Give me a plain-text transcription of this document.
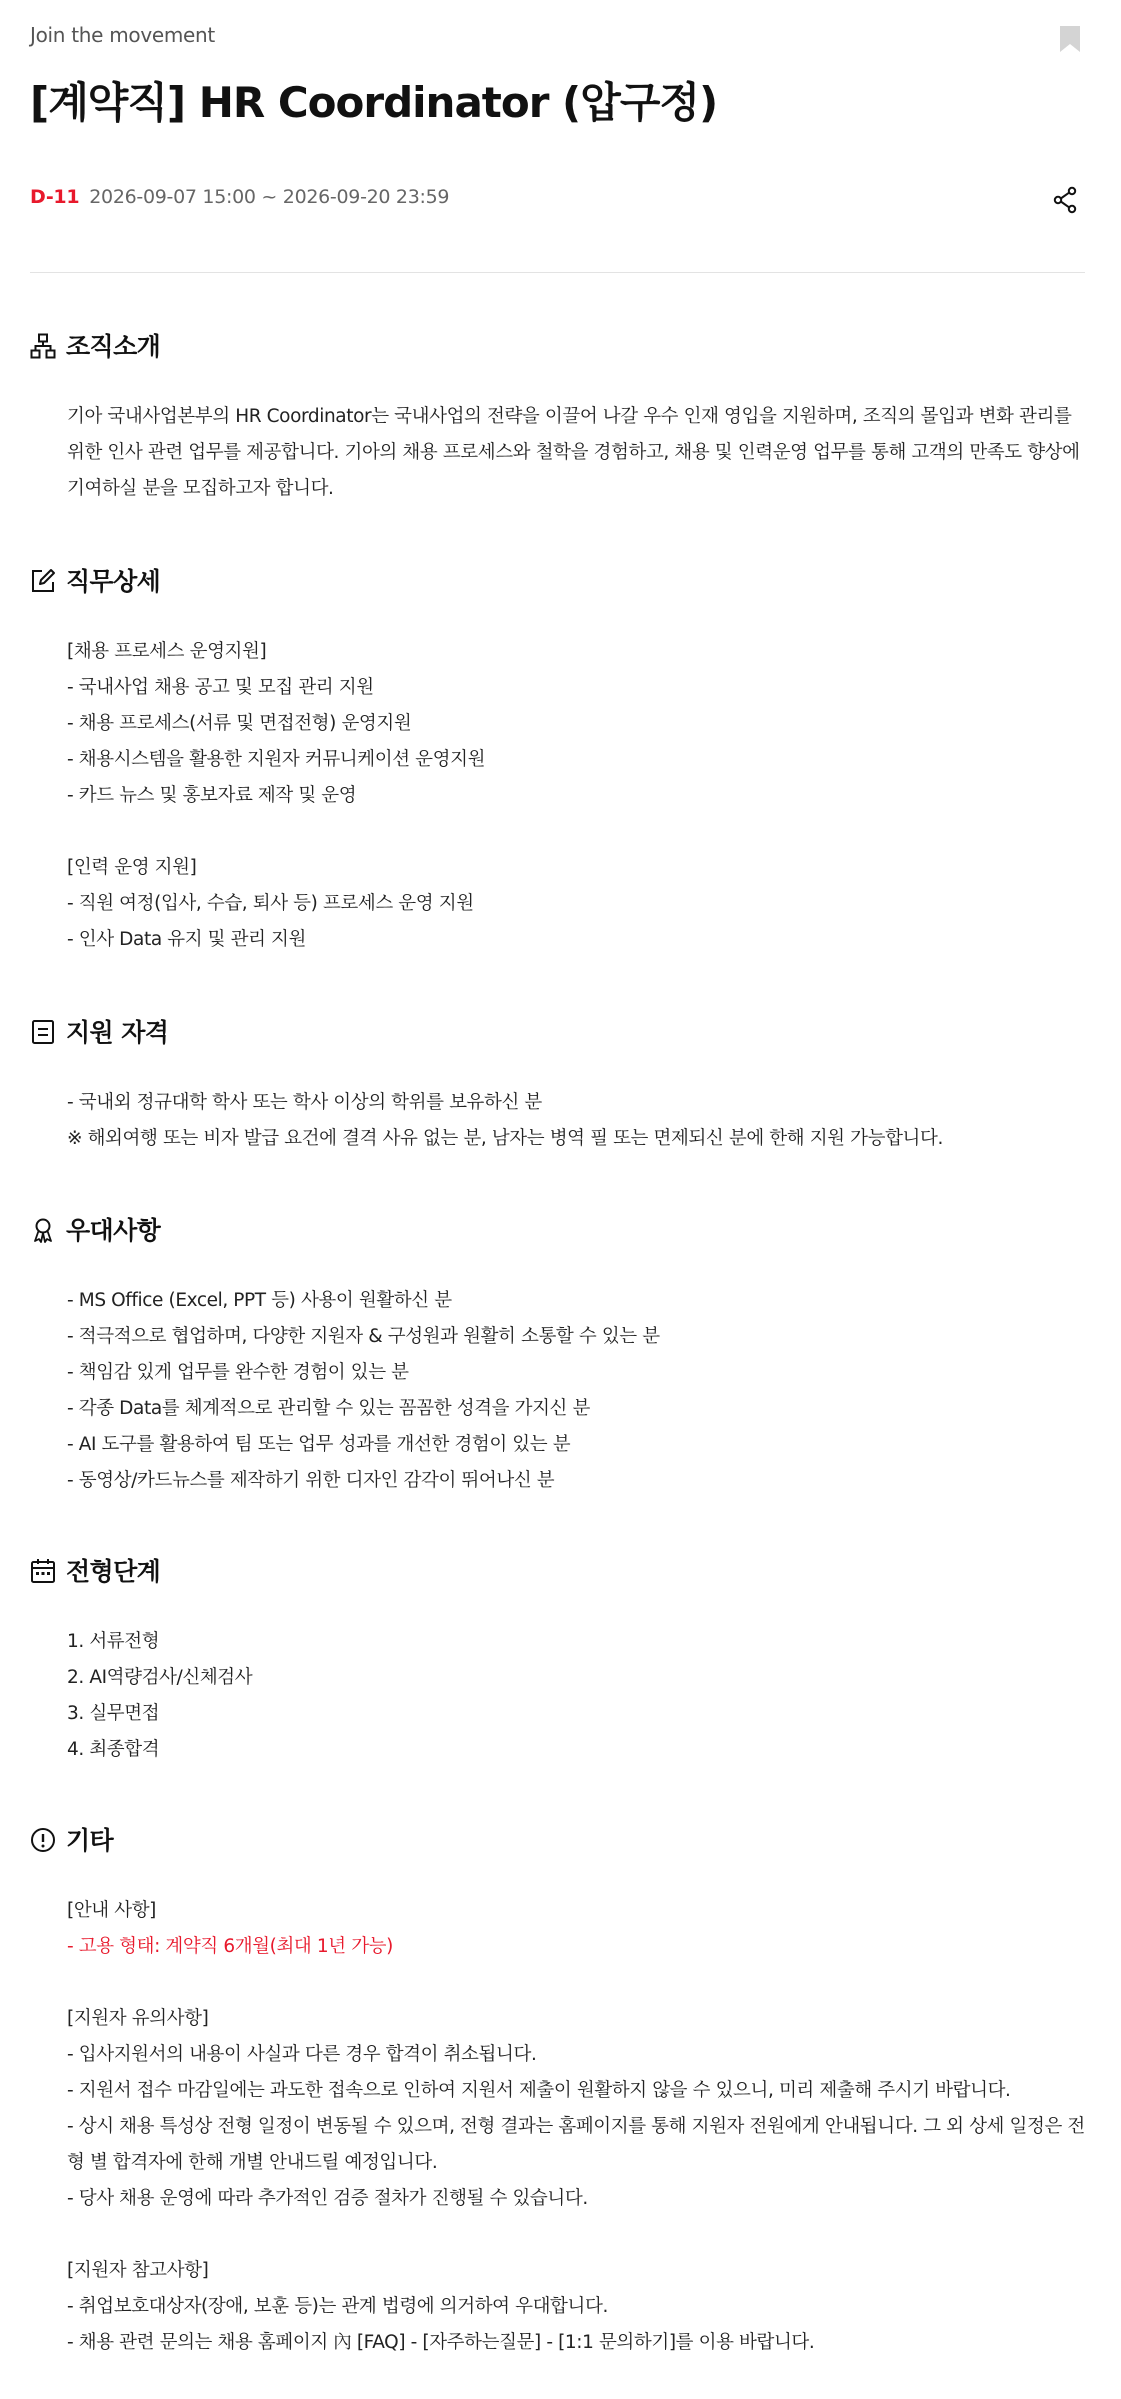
Join the movement
[계약직] HR Coordinator (압구정)
D-11 2026-09-07 15:00 ~ 2026-09-20 23:59
조직소개

기아 국내사업본부의 HR Coordinator는 국내사업의 전략을 이끌어 나갈 우수 인재 영입을 지원하며, 조직의 몰입과 변화 관리를 위한 인사 관련 업무를 제공합니다. 기아의 채용 프로세스와 철학을 경험하고, 채용 및 인력운영 업무를 통해 고객의 만족도 향상에 기여하실 분을 모집하고자 합니다.

직무상세
[채용 프로세스 운영지원]
- 국내사업 채용 공고 및 모집 관리 지원
- 채용 프로세스(서류 및 면접전형) 운영지원
- 채용시스템을 활용한 지원자 커뮤니케이션 운영지원
- 카드 뉴스 및 홍보자료 제작 및 운영
[인력 운영 지원]
- 직원 여정(입사, 수습, 퇴사 등) 프로세스 운영 지원
- 인사 Data 유지 및 관리 지원
지원 자격
- 국내외 정규대학 학사 또는 학사 이상의 학위를 보유하신 분
※ 해외여행 또는 비자 발급 요건에 결격 사유 없는 분, 남자는 병역 필 또는 면제되신 분에 한해 지원 가능합니다.
우대사항
- MS Office (Excel, PPT 등) 사용이 원활하신 분
- 적극적으로 협업하며, 다양한 지원자 & 구성원과 원활히 소통할 수 있는 분
- 책임감 있게 업무를 완수한 경험이 있는 분
- 각종 Data를 체계적으로 관리할 수 있는 꼼꼼한 성격을 가지신 분
- AI 도구를 활용하여 팀 또는 업무 성과를 개선한 경험이 있는 분
- 동영상/카드뉴스를 제작하기 위한 디자인 감각이 뛰어나신 분
전형단계
1. 서류전형
2. AI역량검사/신체검사
3. 실무면접
4. 최종합격
기타
[안내 사항]
- 고용 형태: 계약직 6개월(최대 1년 가능)
[지원자 유의사항]
- 입사지원서의 내용이 사실과 다른 경우 합격이 취소됩니다.
- 지원서 접수 마감일에는 과도한 접속으로 인하여 지원서 제출이 원활하지 않을 수 있으니, 미리 제출해 주시기 바랍니다.
- 상시 채용 특성상 전형 일정이 변동될 수 있으며, 전형 결과는 홈페이지를 통해 지원자 전원에게 안내됩니다. 그 외 상세 일정은 전형 별 합격자에 한해 개별 안내드릴 예정입니다.
- 당사 채용 운영에 따라 추가적인 검증 절차가 진행될 수 있습니다.
[지원자 참고사항]
- 취업보호대상자(장애, 보훈 등)는 관계 법령에 의거하여 우대합니다.
- 채용 관련 문의는 채용 홈페이지 內 [FAQ] - [자주하는질문] - [1:1 문의하기]를 이용 바랍니다.
